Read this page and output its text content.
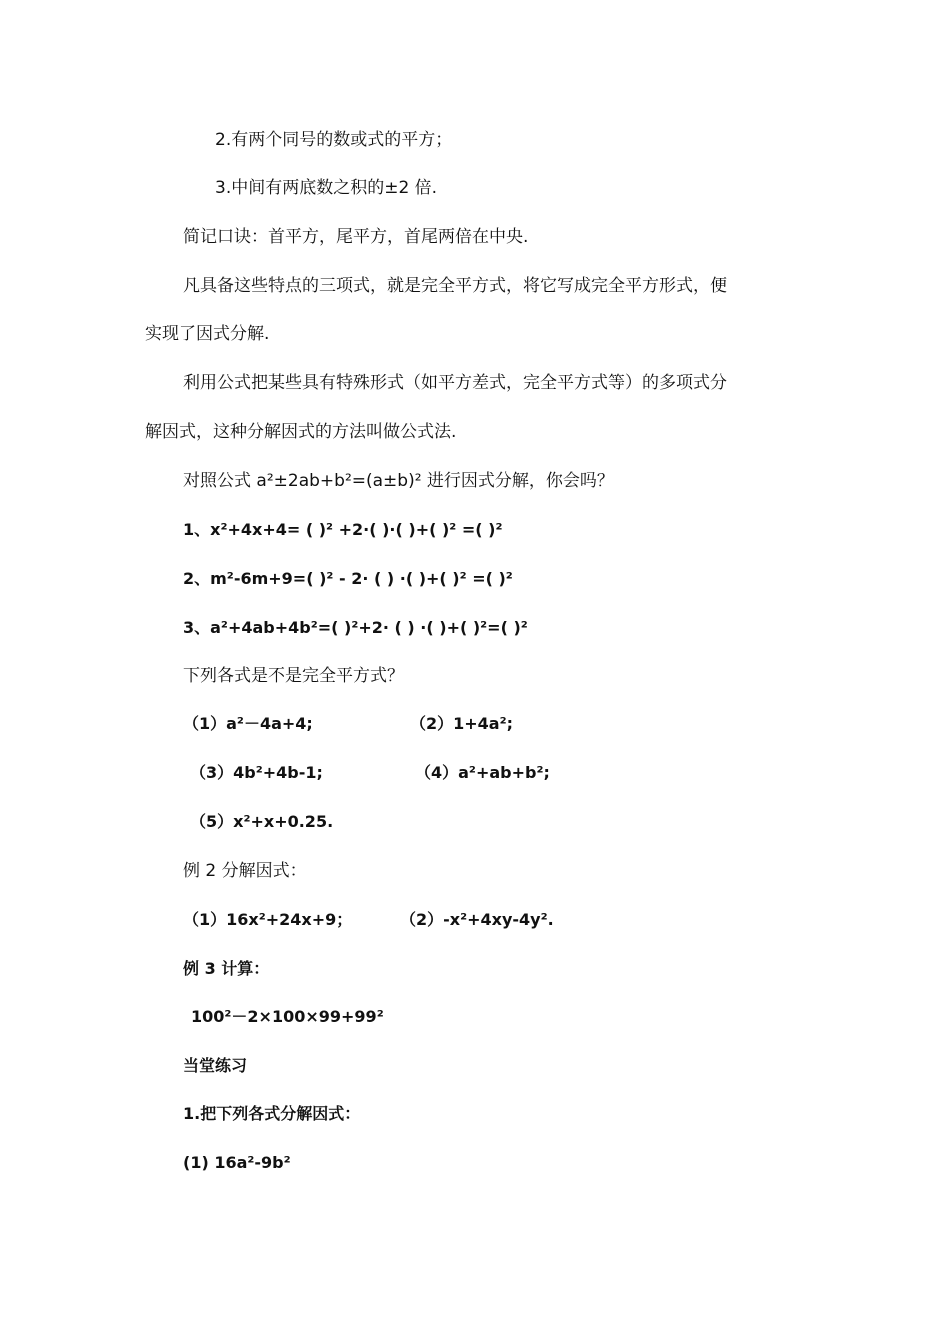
2.有两个同号的数或式的平方；
3.中间有两底数之积的±2 倍.
简记口诀：首平方，尾平方，首尾两倍在中央.
凡具备这些特点的三项式，就是完全平方式，将它写成完全平方形式，便
实现了因式分解.
利用公式把某些具有特殊形式（如平方差式，完全平方式等）的多项式分
解因式，这种分解因式的方法叫做公式法.
对照公式 a²±2ab+b²=(a±b)² 进行因式分解，你会吗？
1、x²+4x+4= ( )² +2·( )·( )+( )² =( )²
2、m²-6m+9=( )² - 2· ( ) ·( )+( )² =( )²
3、a²+4ab+4b²=( )²+2· ( ) ·( )+( )²=( )²
下列各式是不是完全平方式？
（1）a²－4a+4;	（2）1+4a²;
（3）4b²+4b-1;	（4）a²+ab+b²;
（5）x²+x+0.25.
例 2 分解因式：
（1）16x²+24x+9；	（2）-x²+4xy-4y².
例 3 计算：
100²－2×100×99+99²
当堂练习
1.把下列各式分解因式：
(1) 16a²-9b²
